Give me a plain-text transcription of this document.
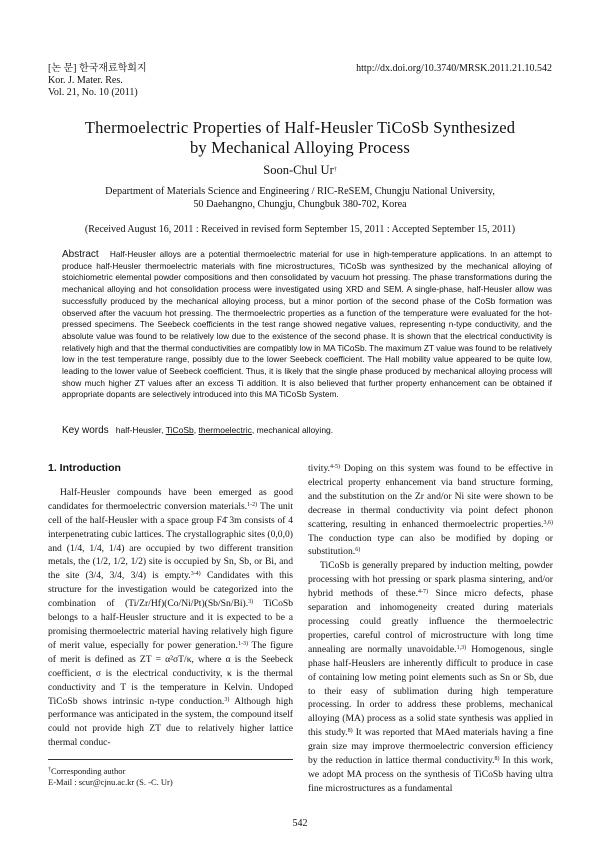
[논 문] 한국재료학회지
Kor. J. Mater. Res.
Vol. 21, No. 10 (2011)
http://dx.doi.org/10.3740/MRSK.2011.21.10.542
Thermoelectric Properties of Half-Heusler TiCoSb Synthesized
by Mechanical Alloying Process
Soon-Chul Ur†
Department of Materials Science and Engineering / RIC-ReSEM, Chungju National University,
50 Daehangno, Chungju, Chungbuk 380-702, Korea
(Received August 16, 2011 : Received in revised form September 15, 2011 : Accepted September 15, 2011)
Abstract Half-Heusler alloys are a potential thermoelectric material for use in high-temperature applications. In an attempt to produce half-Heusler thermoelectric materials with fine microstructures, TiCoSb was synthesized by the mechanical alloying of stoichiometric elemental powder compositions and then consolidated by vacuum hot pressing. The phase transformations during the mechanical alloying and hot consolidation process were investigated using XRD and SEM. A single-phase, half-Heusler allow was successfully produced by the mechanical alloying process, but a minor portion of the second phase of the CoSb formation was observed after the vacuum hot pressing. The thermoelectric properties as a function of the temperature were evaluated for the hot-pressed specimens. The Seebeck coefficients in the test range showed negative values, representing n-type conductivity, and the absolute value was found to be relatively low due to the existence of the second phase. It is shown that the electrical conductivity is relatively high and that the thermal conductivities are compatibly low in MA TiCoSb. The maximum ZT value was found to be relatively low in the test temperature range, possibly due to the lower Seebeck coefficient. The Hall mobility value appeared to be quite low, leading to the lower value of Seebeck coefficient. Thus, it is likely that the single phase produced by mechanical alloying process will show much higher ZT values after an excess Ti addition. It is also believed that further property enhancement can be obtained if appropriate dopants are selectively introduced into this MA TiCoSb System.
Key words half-Heusler, TiCoSb, thermoelectric, mechanical alloying.
1. Introduction

Half-Heusler compounds have been emerged as good candidates for thermoelectric conversion materials.$^{1-2)}$ The unit cell of the half-Heusler with a space group F4̄ 3m consists of 4 interpenetrating cubic lattices. The crystallographic sites (0,0,0) and (1/4, 1/4, 1/4) are occupied by two different transition metals, the (1/2, 1/2, 1/2) site is occupied by Sn, Sb, or Bi, and the site (3/4, 3/4, 3/4) is empty.$^{3-4)}$ Candidates with this structure for the investigation would be categorized into the combination of (Ti/Zr/Hf)(Co/Ni/Pt)(Sb/Sn/Bi).$^{3)}$ TiCoSb belongs to a half-Heusler structure and it is expected to be a promising thermoelectric material having relatively high figure of merit value, especially for power generation.$^{1-3)}$ The figure of merit is defined as ZT = α²σT/κ, where α is the Seebeck coefficient, σ is the electrical conductivity, κ is the thermal conductivity and T is the temperature in Kelvin. Undoped TiCoSb shows intrinsic n-type conduction.$^{3)}$ Although high performance was anticipated in the system, the compound itself could not provide high ZT due to relatively higher lattice thermal conduc-

tivity.$^{4-5)}$ Doping on this system was found to be effective in electrical property enhancement via band structure forming, and the substitution on the Zr and/or Ni site were shown to be decrease in thermal conductivity via point defect phonon scattering, resulting in enhanced thermoelectric properties.$^{3,6)}$ The conduction type can also be modified by doping or substitution.$^{6)}$

TiCoSb is generally prepared by induction melting, powder processing with hot pressing or spark plasma sintering, and/or hybrid methods of these.$^{4-7)}$ Since micro defects, phase separation and inhomogeneity created during materials processing could greatly influence the thermoelectric properties, careful control of microstructure with long time annealing are normally unavoidable.$^{1,3)}$ Homogenous, single phase half-Heuslers are inherently difficult to produce in case of containing low meting point elements such as Sn or Sb, due to their easy of sublimation during high temperature processing. In order to address these problems, mechanical alloying (MA) process as a solid state synthesis was applied in this study.$^{8)}$ It was reported that MAed materials having a fine grain size may improve thermoelectric conversion efficiency by the reduction in lattice thermal conductivity.$^{8)}$ In this work, we adopt MA process on the synthesis of TiCoSb having ultra fine microstructures as a fundamental

†Corresponding author
E-Mail : scur@cjnu.ac.kr (S. -C. Ur)
542
